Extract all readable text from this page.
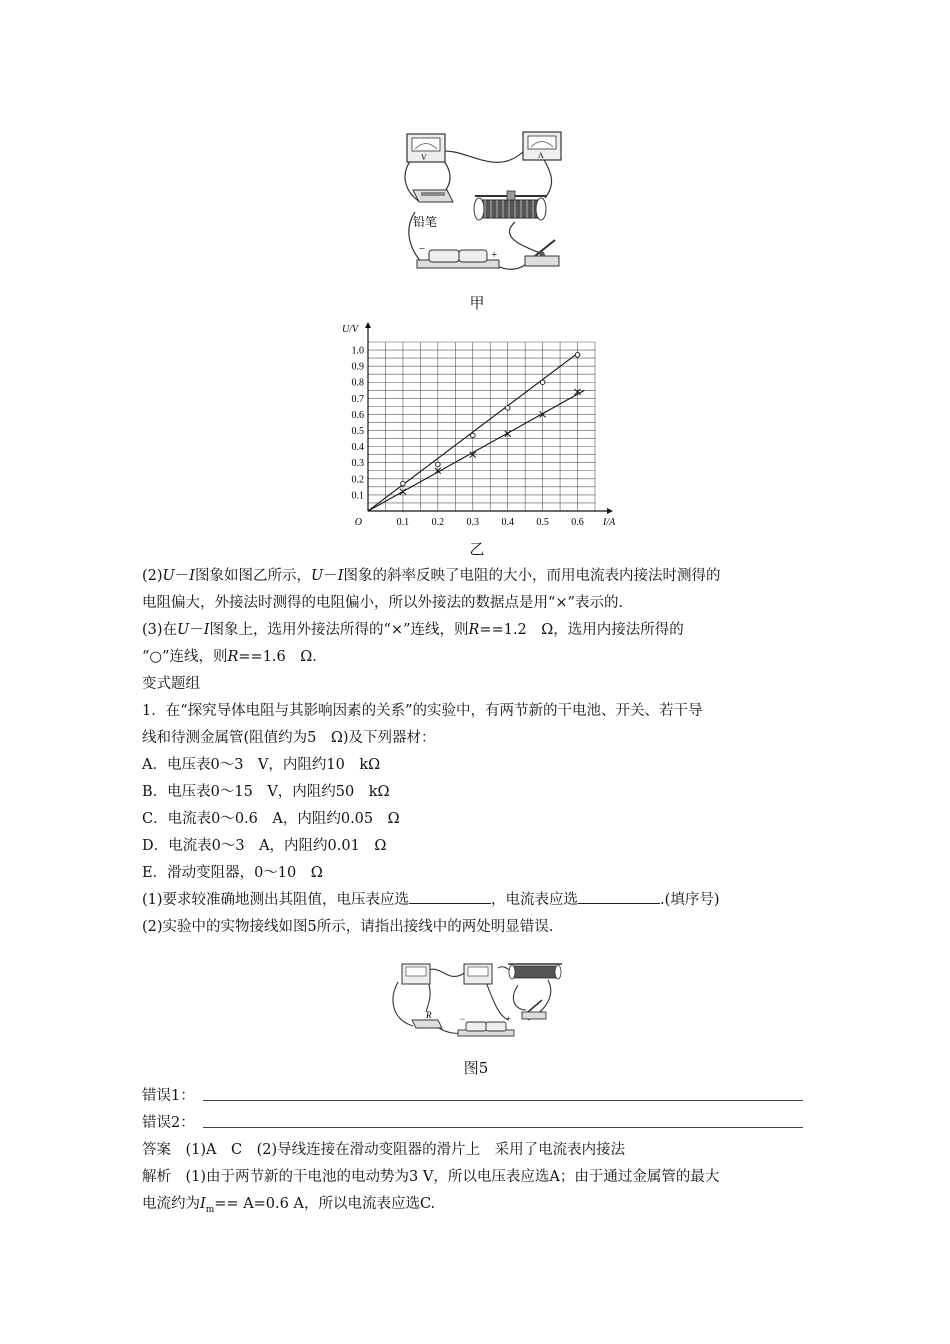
V	A
铅笔
−	+
甲
0.1 0.2 0.3 0.4 0.5 0.6
0.1
0.2
0.3
0.4
0.5
0.6
0.7
0.8
0.9
1.0
O	I/A
U/V
乙
(2)U－I图象如图乙所示，U－I图象的斜率反映了电阻的大小，而用电流表内接法时测得的
电阻偏大，外接法时测得的电阻偏小，所以外接法的数据点是用“×”表示的.
(3)在U－I图象上，选用外接法所得的“×”连线，则R==1.2　Ω，选用内接法所得的
“○”连线，则R==1.6　Ω.
变式题组
1．在“探究导体电阻与其影响因素的关系”的实验中，有两节新的干电池、开关、若干导
线和待测金属管(阻值约为5　Ω)及下列器材：
A．电压表0～3　V，内阻约10　kΩ
B．电压表0～15　V，内阻约50　kΩ
C．电流表0～0.6　A，内阻约0.05　Ω
D．电流表0～3　A，内阻约0.01　Ω
E．滑动变阻器，0～10　Ω
(1)要求较准确地测出其阻值，电压表应选	，电流表应选	.(填序号)
(2)实验中的实物接线如图5所示，请指出接线中的两处明显错误.
R	−	+
图5
错误1：
错误2：
答案　 (1)A　C　(2)导线连接在滑动变阻器的滑片上　采用了电流表内接法
解析　 (1)由于两节新的干电池的电动势为3 V，所以电压表应选A；由于通过金属管的最大
电流约为$I_m== A=0.6$ A，所以电流表应选C.
